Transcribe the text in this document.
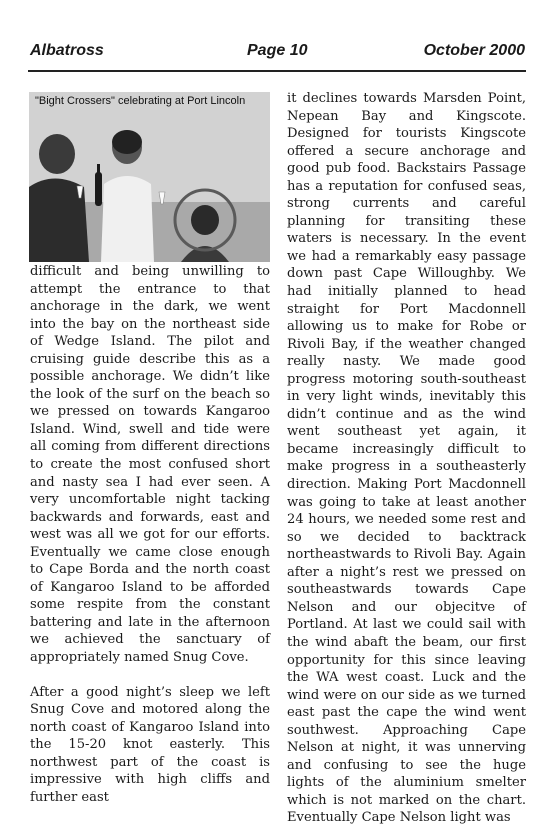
Albatross	Page 10	October 2000
"Bight Crossers" celebrating at Port Lincoln

difficult and being unwilling to attempt the entrance to that anchorage in the dark, we went into the bay on the northeast side of Wedge Island. The pilot and cruising guide describe this as a possible anchorage. We didn’t like the look of the surf on the beach so we pressed on towards Kangaroo Island. Wind, swell and tide were all coming from different directions to create the most confused short and nasty sea I had ever seen. A very uncomfortable night tacking backwards and forwards, east and west was all we got for our efforts. Eventually we came close enough to Cape Borda and the north coast of Kangaroo Island to be afforded some respite from the constant battering and late in the afternoon we achieved the sanctuary of appropriately named Snug Cove.

After a good night’s sleep we left Snug Cove and motored along the north coast of Kangaroo Island into the 15-20 knot easterly. This northwest part of the coast is impressive with high cliffs and further east

it declines towards Marsden Point, Nepean Bay and Kingscote. Designed for tourists Kingscote offered a secure anchorage and good pub food. Backstairs Passage has a reputation for confused seas, strong currents and careful planning for transiting these waters is necessary. In the event we had a remarkably easy passage down past Cape Willoughby. We had initially planned to head straight for Port Macdonnell allowing us to make for Robe or Rivoli Bay, if the weather changed really nasty. We made good progress motoring south-southeast in very light winds, inevitably this didn’t continue and as the wind went southeast yet again, it became increasingly difficult to make progress in a southeasterly direction. Making Port Macdonnell was going to take at least another 24 hours, we needed some rest and so we decided to backtrack northeastwards to Rivoli Bay. Again after a night’s rest we pressed on southeastwards towards Cape Nelson and our objecitve of Portland. At last we could sail with the wind abaft the beam, our first opportunity for this since leaving the WA west coast. Luck and the wind were on our side as we turned east past the cape the wind went southwest. Approaching Cape Nelson at night, it was unnerving and confusing to see the huge lights of the aluminium smelter which is not marked on the chart. Eventually Cape Nelson light was
